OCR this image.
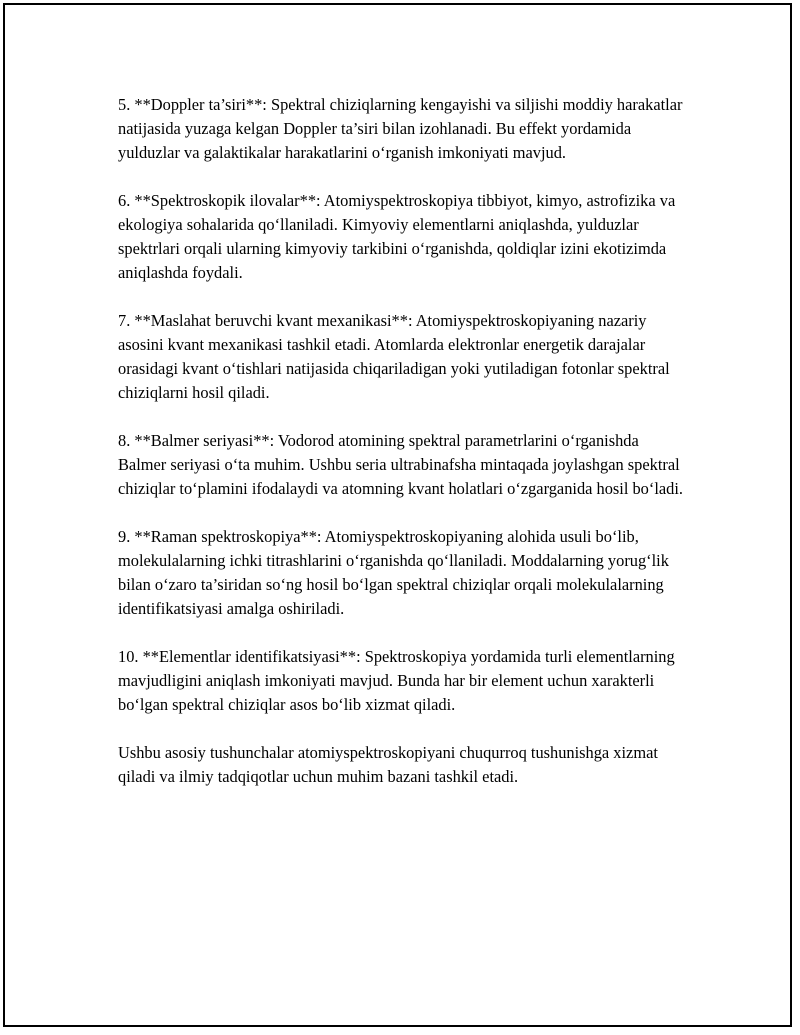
5. **Doppler ta’siri**: Spektral chiziqlarning kengayishi va siljishi moddiy harakatlar natijasida yuzaga kelgan Doppler ta’siri bilan izohlanadi. Bu effekt yordamida yulduzlar va galaktikalar harakatlarini o‘rganish imkoniyati mavjud.

6. **Spektroskopik ilovalar**: Atomiyspektroskopiya tibbiyot, kimyo, astrofizika va ekologiya sohalarida qo‘llaniladi. Kimyoviy elementlarni aniqlashda, yulduzlar spektrlari orqali ularning kimyoviy tarkibini o‘rganishda, qoldiqlar izini ekotizimda aniqlashda foydali.

7. **Maslahat beruvchi kvant mexanikasi**: Atomiyspektroskopiyaning nazariy asosini kvant mexanikasi tashkil etadi. Atomlarda elektronlar energetik darajalar orasidagi kvant o‘tishlari natijasida chiqariladigan yoki yutiladigan fotonlar spektral chiziqlarni hosil qiladi.

8. **Balmer seriyasi**: Vodorod atomining spektral parametrlarini o‘rganishda Balmer seriyasi o‘ta muhim. Ushbu seria ultrabinafsha mintaqada joylashgan spektral chiziqlar to‘plamini ifodalaydi va atomning kvant holatlari o‘zgarganida hosil bo‘ladi.

9. **Raman spektroskopiya**: Atomiyspektroskopiyaning alohida usuli bo‘lib, molekulalarning ichki titrashlarini o‘rganishda qo‘llaniladi. Moddalarning yorug‘lik bilan o‘zaro ta’siridan so‘ng hosil bo‘lgan spektral chiziqlar orqali molekulalarning identifikatsiyasi amalga oshiriladi.

10. **Elementlar identifikatsiyasi**: Spektroskopiya yordamida turli elementlarning mavjudligini aniqlash imkoniyati mavjud. Bunda har bir element uchun xarakterli bo‘lgan spektral chiziqlar asos bo‘lib xizmat qiladi.

Ushbu asosiy tushunchalar atomiyspektroskopiyani chuqurroq tushunishga xizmat qiladi va ilmiy tadqiqotlar uchun muhim bazani tashkil etadi.
